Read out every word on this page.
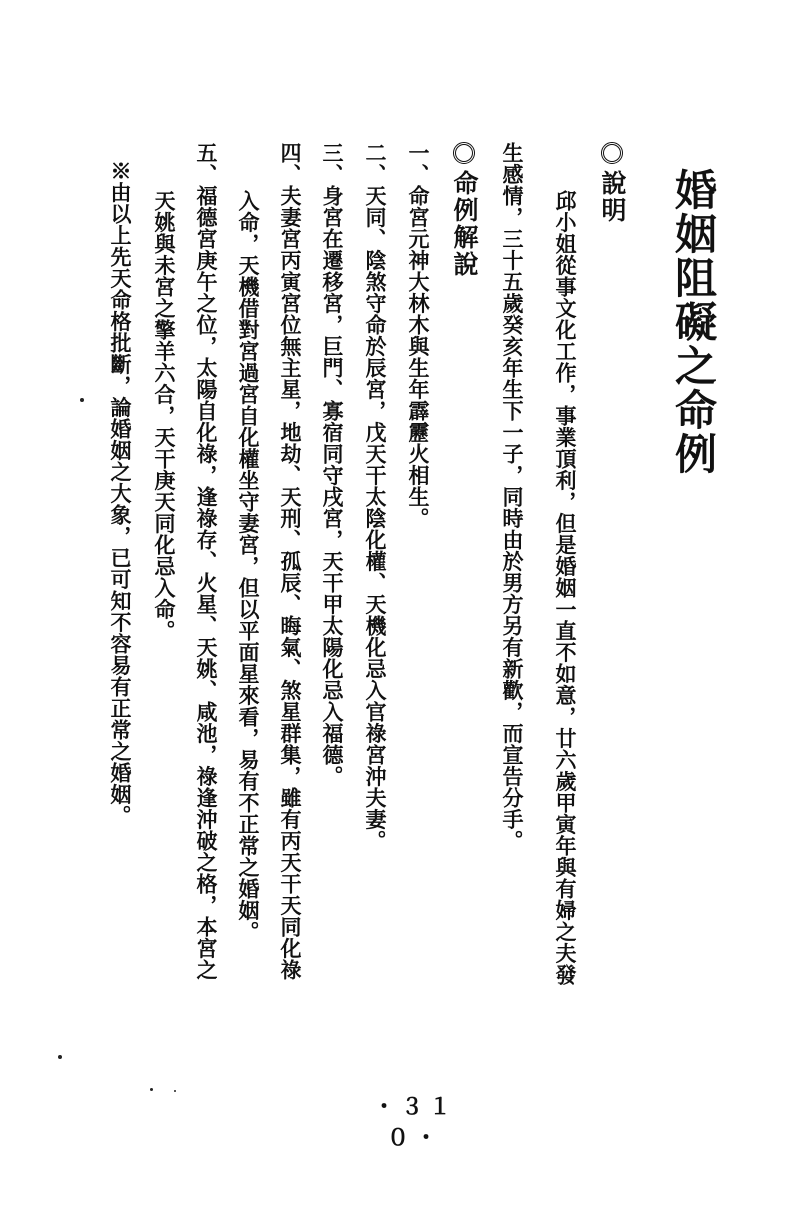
婚姻阻礙之命例
說明
邱小姐從事文化工作，事業頂利，但是婚姻一直不如意，廿六歲甲寅年與有婦之夫發
生感情，三十五歲癸亥年生下一子，同時由於男方另有新歡，而宣告分手。
命例解說
一、命宮元神大林木與生年霹靂火相生。
二、天同、陰煞守命於辰宮，戊天干太陰化權、天機化忌入官祿宮沖夫妻。
三、身宮在遷移宮，巨門、寡宿同守戌宮，天干甲太陽化忌入福德。
四、夫妻宮丙寅宮位無主星，地劫、天刑、孤辰、晦氣、煞星群集，雖有丙天干天同化祿
入命，天機借對宮過宮自化權坐守妻宮，但以平面星來看，易有不正常之婚姻。
五、福德宮庚午之位，太陽自化祿，逢祿存、火星、天姚、咸池，祿逢沖破之格，本宮之
天姚與未宮之擎羊六合，天干庚天同化忌入命。
※由以上先天命格批斷，論婚姻之大象，已可知不容易有正常之婚姻。
・３１０・
